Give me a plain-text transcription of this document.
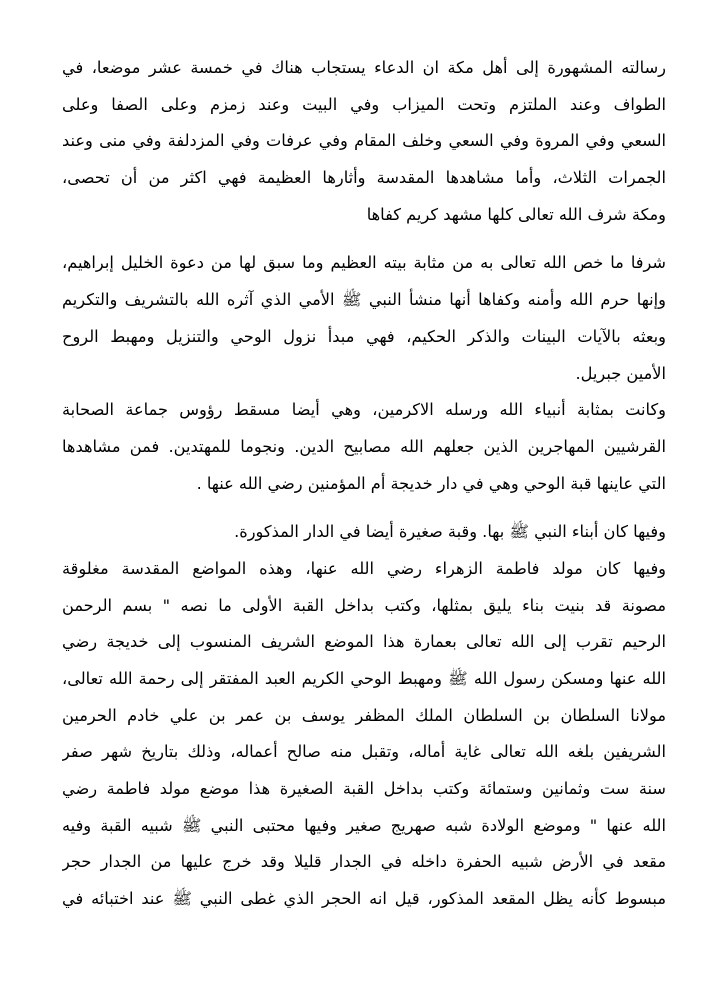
رسالته المشهورة إلى أهل مكة ان الدعاء يستجاب هناك في خمسة عشر موضعا، في
الطواف وعند الملتزم وتحت الميزاب وفي البيت وعند زمزم وعلى الصفا وعلى
السعي وفي المروة وفي السعي وخلف المقام وفي عرفات وفي المزدلفة وفي منى وعند
الجمرات الثلاث، وأما مشاهدها المقدسة وأثارها العظيمة فهي اكثر من أن تحصى،
ومكة شرف الله تعالى كلها مشهد كريم كفاها
شرفا ما خص الله تعالى به من مثابة بيته العظيم وما سبق لها من دعوة الخليل إبراهيم،
وإنها حرم الله وأمنه وكفاها أنها منشأ النبي ﷺ الأمي الذي آثره الله بالتشريف والتكريم
وبعثه بالآيات البينات والذكر الحكيم، فهي مبدأ نزول الوحي والتنزيل ومهبط الروح
الأمين جبريل.
وكانت بمثابة أنبياء الله ورسله الاكرمين، وهي أيضا مسقط رؤوس جماعة الصحابة
القرشيين المهاجرين الذين جعلهم الله مصابيح الدين. ونجوما للمهتدين. فمن مشاهدها
التي عاينها قبة الوحي وهي في دار خديجة أم المؤمنين رضي الله عنها .
وفيها كان أبناء النبي ﷺ بها. وقبة صغيرة أيضا في الدار المذكورة.
وفيها كان مولد فاطمة الزهراء رضي الله عنها، وهذه المواضع المقدسة مغلوقة
مصونة قد بنيت بناء يليق بمثلها، وكتب بداخل القبة الأولى ما نصه " بسم الرحمن
الرحيم تقرب إلى الله تعالى بعمارة هذا الموضع الشريف المنسوب إلى خديجة رضي
الله عنها ومسكن رسول الله ﷺ ومهبط الوحي الكريم العبد المفتقر إلى رحمة الله تعالى،
مولانا السلطان بن السلطان الملك المظفر يوسف بن عمر بن علي خادم الحرمين
الشريفين بلغه الله تعالى غاية أماله، وتقبل منه صالح أعماله، وذلك بتاريخ شهر صفر
سنة ست وثمانين وستمائة وكتب بداخل القبة الصغيرة هذا موضع مولد فاطمة رضي
الله عنها " وموضع الولادة شبه صهريج صغير وفيها محتبى النبي ﷺ شبيه القبة وفيه
مقعد في الأرض شبيه الحفرة داخله في الجدار قليلا وقد خرج عليها من الجدار حجر
مبسوط كأنه يظل المقعد المذكور، قيل انه الحجر الذي غطى النبي ﷺ عند اختبائه في
